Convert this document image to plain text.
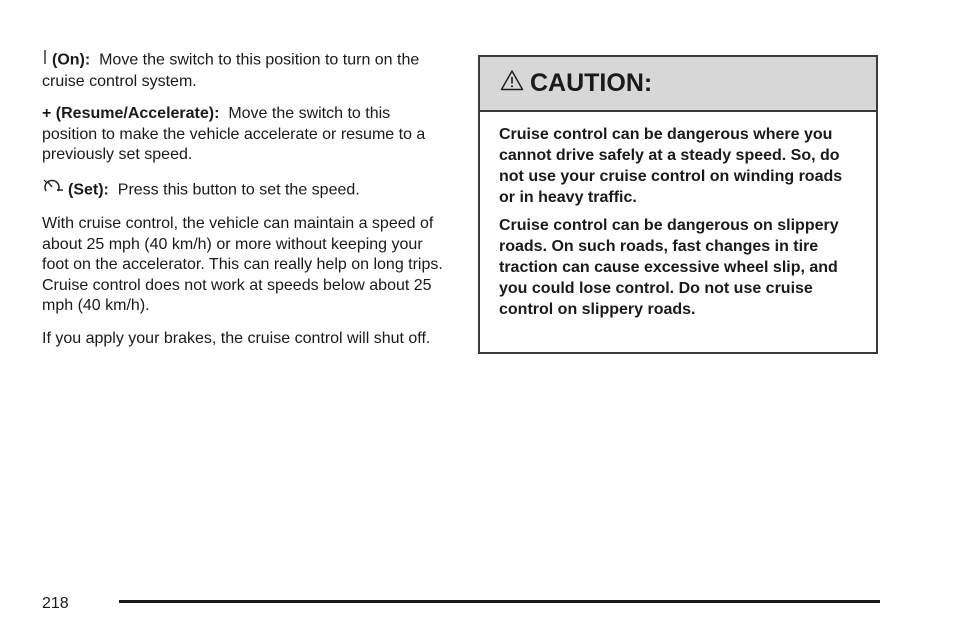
(On): Move the switch to this position to turn on the cruise control system.

+ (Resume/Accelerate): Move the switch to this position to make the vehicle accelerate or resume to a previously set speed.

(Set): Press this button to set the speed.

With cruise control, the vehicle can maintain a speed of about 25 mph (40 km/h) or more without keeping your foot on the accelerator. This can really help on long trips. Cruise control does not work at speeds below about 25 mph (40 km/h).

If you apply your brakes, the cruise control will shut off.

CAUTION:

Cruise control can be dangerous where you cannot drive safely at a steady speed. So, do not use your cruise control on winding roads or in heavy traffic.

Cruise control can be dangerous on slippery roads. On such roads, fast changes in tire traction can cause excessive wheel slip, and you could lose control. Do not use cruise control on slippery roads.

218
